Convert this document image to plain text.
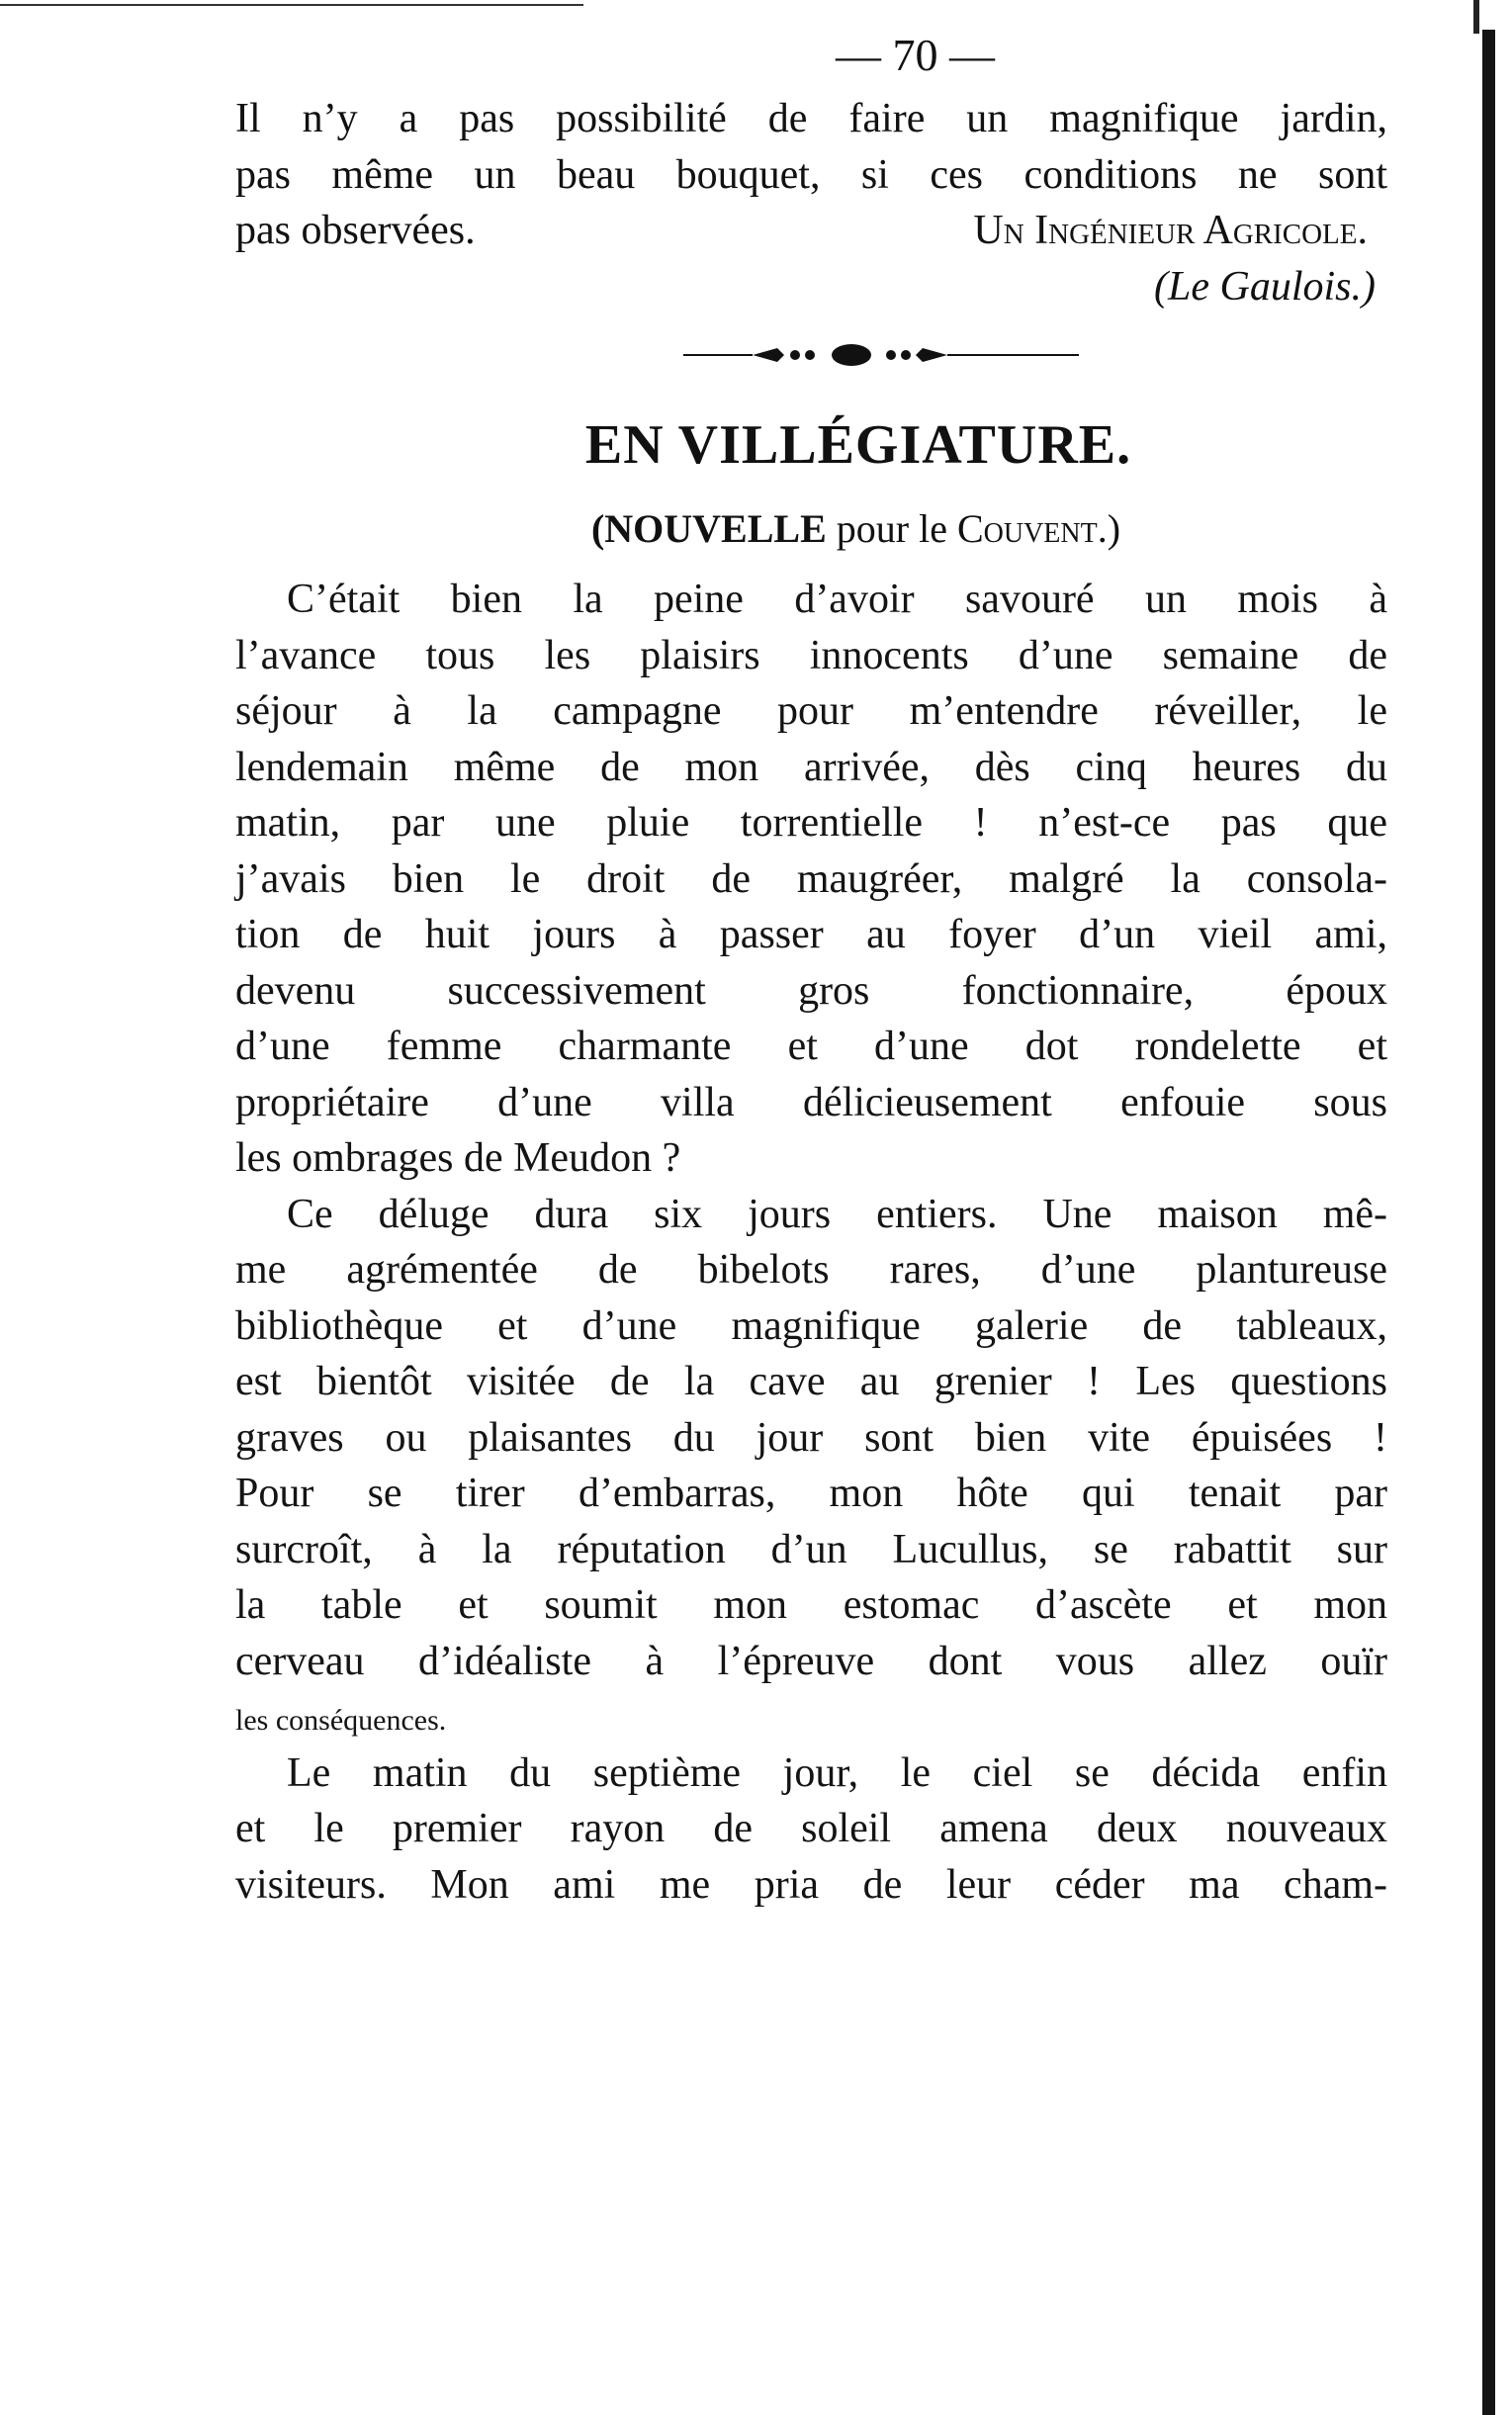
— 70 —
Il n’y a pas possibilité de faire un magnifique jardin,
pas même un beau bouquet, si ces conditions ne sont
pas observées.	Un Ingénieur Agricole.
(Le Gaulois.)
EN VILLÉGIATURE.
(NOUVELLE pour le Couvent.)
C’était bien la peine d’avoir savouré un mois à
l’avance tous les plaisirs innocents d’une semaine de
séjour à la campagne pour m’entendre réveiller, le
lendemain même de mon arrivée, dès cinq heures du
matin, par une pluie torrentielle ! n’est-ce pas que
j’avais bien le droit de maugréer, malgré la consola-
tion de huit jours à passer au foyer d’un vieil ami,
devenu successivement gros fonctionnaire, époux
d’une femme charmante et d’une dot rondelette et
propriétaire d’une villa délicieusement enfouie sous
les ombrages de Meudon ?
Ce déluge dura six jours entiers. Une maison mê-
me agrémentée de bibelots rares, d’une plantureuse
bibliothèque et d’une magnifique galerie de tableaux,
est bientôt visitée de la cave au grenier ! Les questions
graves ou plaisantes du jour sont bien vite épuisées !
Pour se tirer d’embarras, mon hôte qui tenait par
surcroît, à la réputation d’un Lucullus, se rabattit sur
la table et soumit mon estomac d’ascète et mon
cerveau d’idéaliste à l’épreuve dont vous allez ouïr
les conséquences.
Le matin du septième jour, le ciel se décida enfin
et le premier rayon de soleil amena deux nouveaux
visiteurs. Mon ami me pria de leur céder ma cham-
